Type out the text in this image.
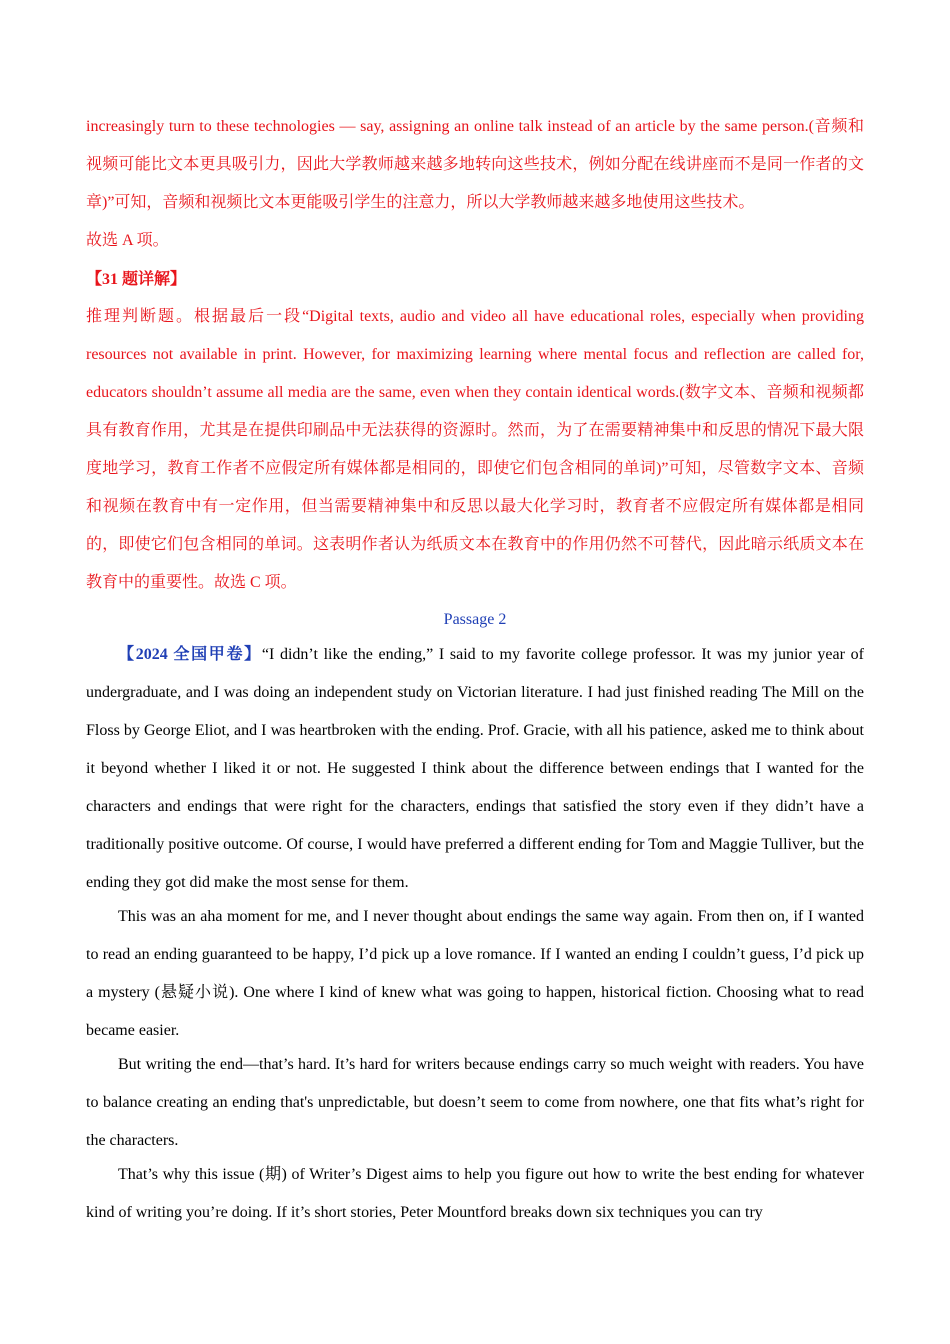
increasingly turn to these technologies — say, assigning an online talk instead of an article by the same person.(音频和视频可能比文本更具吸引力，因此大学教师越来越多地转向这些技术，例如分配在线讲座而不是同一作者的文章)”可知，音频和视频比文本更能吸引学生的注意力，所以大学教师越来越多地使用这些技术。

故选 A 项。

【31 题详解】

推理判断题。根据最后一段“Digital texts, audio and video all have educational roles, especially when providing resources not available in print. However, for maximizing learning where mental focus and reflection are called for, educators shouldn’t assume all media are the same, even when they contain identical words.(数字文本、音频和视频都具有教育作用，尤其是在提供印刷品中无法获得的资源时。然而，为了在需要精神集中和反思的情况下最大限度地学习，教育工作者不应假定所有媒体都是相同的，即使它们包含相同的单词)”可知，尽管数字文本、音频和视频在教育中有一定作用，但当需要精神集中和反思以最大化学习时，教育者不应假定所有媒体都是相同的，即使它们包含相同的单词。这表明作者认为纸质文本在教育中的作用仍然不可替代，因此暗示纸质文本在教育中的重要性。故选 C 项。

Passage 2

【2024 全国甲卷】“I didn’t like the ending,” I said to my favorite college professor. It was my junior year of undergraduate, and I was doing an independent study on Victorian literature. I had just finished reading The Mill on the Floss by George Eliot, and I was heartbroken with the ending. Prof. Gracie, with all his patience, asked me to think about it beyond whether I liked it or not. He suggested I think about the difference between endings that I wanted for the characters and endings that were right for the characters, endings that satisfied the story even if they didn’t have a traditionally positive outcome. Of course, I would have preferred a different ending for Tom and Maggie Tulliver, but the ending they got did make the most sense for them.

This was an aha moment for me, and I never thought about endings the same way again. From then on, if I wanted to read an ending guaranteed to be happy, I’d pick up a love romance. If I wanted an ending I couldn’t guess, I’d pick up a mystery (悬疑小说). One where I kind of knew what was going to happen, historical fiction. Choosing what to read became easier.

But writing the end—that’s hard. It’s hard for writers because endings carry so much weight with readers. You have to balance creating an ending that's unpredictable, but doesn’t seem to come from nowhere, one that fits what’s right for the characters.

That’s why this issue (期) of Writer’s Digest aims to help you figure out how to write the best ending for whatever kind of writing you’re doing. If it’s short stories, Peter Mountford breaks down six techniques you can try
